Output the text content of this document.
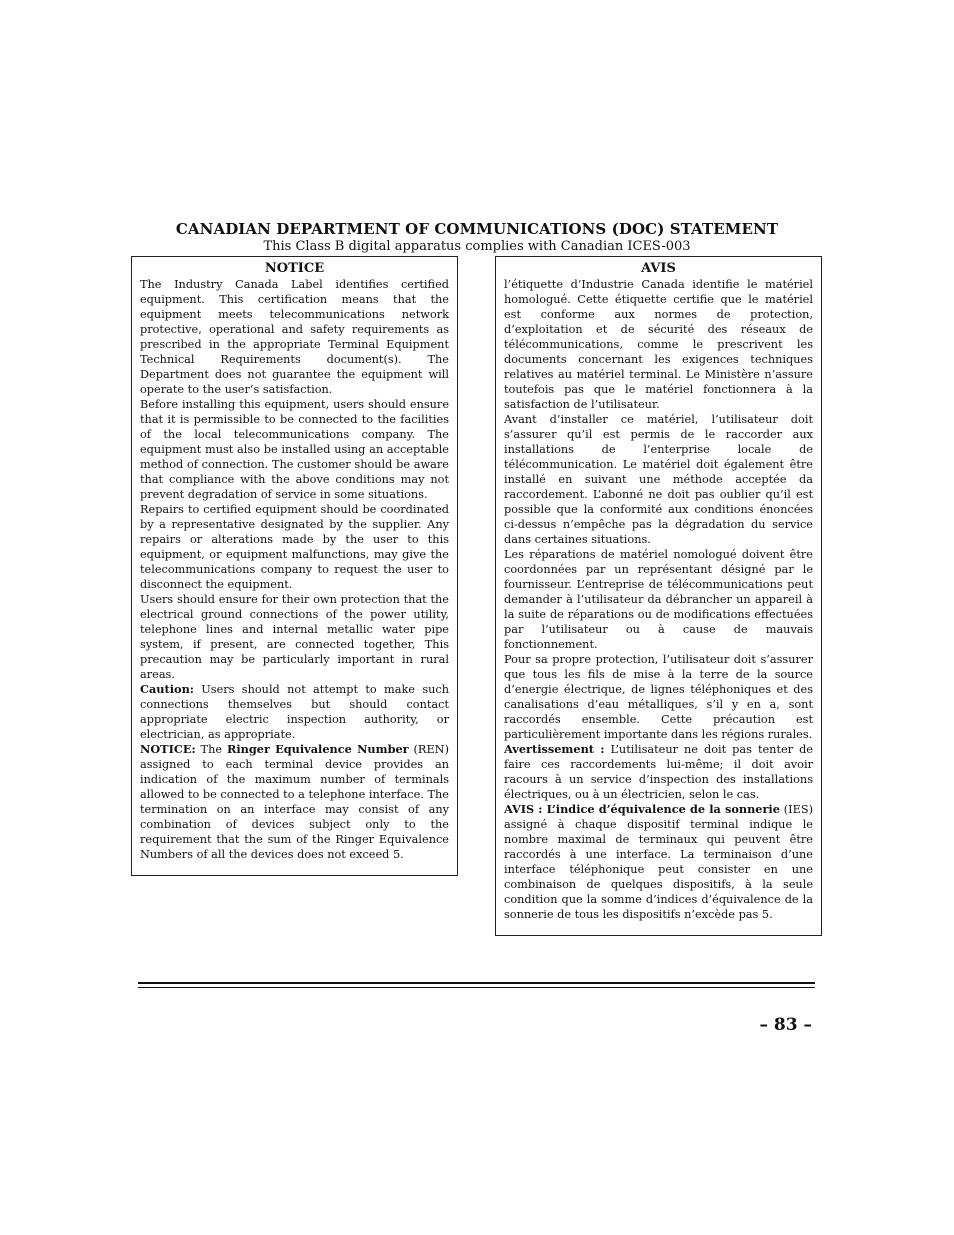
CANADIAN DEPARTMENT OF COMMUNICATIONS (DOC) STATEMENT
This Class B digital apparatus complies with Canadian ICES-003
NOTICE

The Industry Canada Label identifies certified equipment. This certification means that the equipment meets telecommunications network protective, operational and safety requirements as prescribed in the appropriate Terminal Equipment Technical Requirements document(s). The Department does not guarantee the equipment will operate to the user’s satisfaction.

Before installing this equipment, users should ensure that it is permissible to be connected to the facilities of the local telecommunications company. The equipment must also be installed using an acceptable method of connection. The customer should be aware that compliance with the above conditions may not prevent degradation of service in some situations.

Repairs to certified equipment should be coordinated by a representative designated by the supplier. Any repairs or alterations made by the user to this equipment, or equipment malfunctions, may give the telecommunications company to request the user to disconnect the equipment.

Users should ensure for their own protection that the electrical ground connections of the power utility, telephone lines and internal metallic water pipe system, if present, are connected together, This precaution may be particularly important in rural areas.

Caution: Users should not attempt to make such connections themselves but should contact appropriate electric inspection authority, or electrician, as appropriate.

NOTICE: The Ringer Equivalence Number (REN) assigned to each terminal device provides an indication of the maximum number of terminals allowed to be connected to a telephone interface. The termination on an interface may consist of any combination of devices subject only to the requirement that the sum of the Ringer Equivalence Numbers of all the devices does not exceed 5.

AVIS

l’étiquette d’Industrie Canada identifie le matériel homologué. Cette étiquette certifie que le matériel est conforme aux normes de protection, d’exploitation et de sécurité des réseaux de télécommunications, comme le prescrivent les documents concernant les exigences techniques relatives au matériel terminal. Le Ministère n’assure toutefois pas que le matériel fonctionnera à la satisfaction de l’utilisateur.

Avant d’installer ce matériel, l’utilisateur doit s’assurer qu’il est permis de le raccorder aux installations de l’enterprise locale de télécommunication. Le matériel doit également être installé en suivant une méthode acceptée da raccordement. L’abonné ne doit pas oublier qu’il est possible que la conformité aux conditions énoncées ci-dessus n’empêche pas la dégradation du service dans certaines situations.

Les réparations de matériel nomologué doivent être coordonnées par un représentant désigné par le fournisseur. L’entreprise de télécommunications peut demander à l’utilisateur da débrancher un appareil à la suite de réparations ou de modifications effectuées par l’utilisateur ou à cause de mauvais fonctionnement.

Pour sa propre protection, l’utilisateur doit s’assurer que tous les fils de mise à la terre de la source d’energie électrique, de lignes téléphoniques et des canalisations d’eau métalliques, s’il y en a, sont raccordés ensemble. Cette précaution est particulièrement importante dans les régions rurales.

Avertissement : L’utilisateur ne doit pas tenter de faire ces raccordements lui-même; il doit avoir racours à un service d’inspection des installations électriques, ou à un électricien, selon le cas.

AVIS : L’indice d’équivalence de la sonnerie (IES) assigné à chaque dispositif terminal indique le nombre maximal de terminaux qui peuvent être raccordés à une interface. La terminaison d’une interface téléphonique peut consister en une combinaison de quelques dispositifs, à la seule condition que la somme d’indices d’équivalence de la sonnerie de tous les dispositifs n’excède pas 5.

– 83 –
